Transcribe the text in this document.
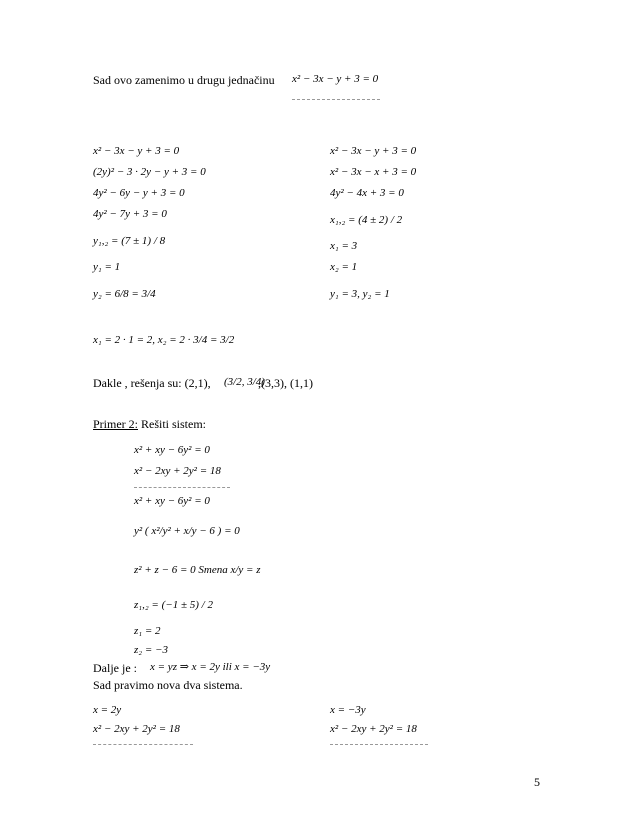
Sad ovo zamenimo u drugu jednačinu x² − 3x − y + 3 = 0
x² − 3x − y + 3 = 0
(2y)² − 3 · 2y − y + 3 = 0
4y² − 6y − y + 3 = 0
4y² − 7y + 3 = 0
y₁,₂ = (7 ± 1) / 8
y₁ = 1
y₂ = 6/8 = 3/4
x² − 3x − y + 3 = 0
x² − 3x − x + 3 = 0
4y² − 4x + 3 = 0
x₁,₂ = (4 ± 2) / 2
x₁ = 3
x₂ = 1
y₁ = 3, y₂ = 1
x₁ = 2 · 1 = 2, x₂ = 2 · 3/4 = 3/2
Dakle , rešenja su: (2,1), (3/2, 3/4)
,(3,3), (1,1)
Primer 2: Rešiti sistem:
x² + xy − 6y² = 0
x² − 2xy + 2y² = 18
x² + xy − 6y² = 0
y² ( x²/y² + x/y − 6 ) = 0
z² + z − 6 = 0 Smena x/y = z
z₁,₂ = (−1 ± 5) / 2
z₁ = 2
z₂ = −3
Dalje je : x = yz ⇒ x = 2y ili x = −3y
Sad pravimo nova dva sistema.
x = 2y
x² − 2xy + 2y² = 18
x = −3y
x² − 2xy + 2y² = 18
5
